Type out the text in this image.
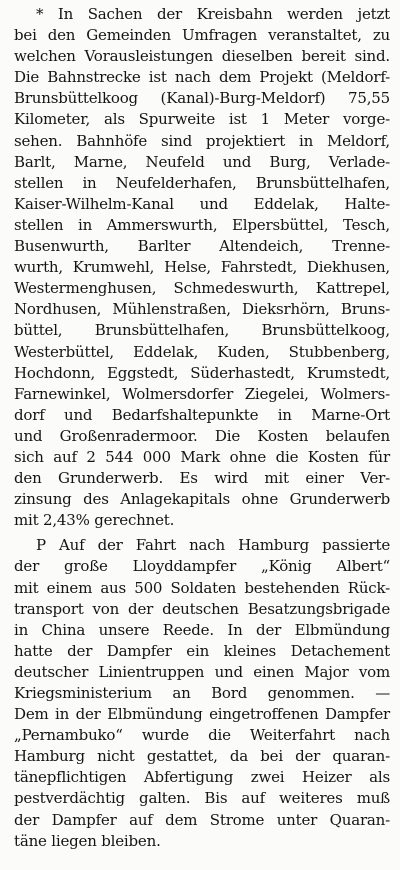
* In Sachen der Kreisbahn werden jetzt
bei den Gemeinden Umfragen veranstaltet, zu
welchen Vorausleistungen dieselben bereit sind.
Die Bahnstrecke ist nach dem Projekt (Meldorf-
Brunsbüttelkoog (Kanal)-Burg-Meldorf) 75,55
Kilometer, als Spurweite ist 1 Meter vorge-
sehen. Bahnhöfe sind projektiert in Meldorf,
Barlt, Marne, Neufeld und Burg, Verlade-
stellen in Neufelderhafen, Brunsbüttelhafen,
Kaiser-Wilhelm-Kanal und Eddelak, Halte-
stellen in Ammerswurth, Elpersbüttel, Tesch,
Busenwurth, Barlter Altendeich, Trenne-
wurth, Krumwehl, Helse, Fahrstedt, Diekhusen,
Westermenghusen, Schmedeswurth, Kattrepel,
Nordhusen, Mühlenstraßen, Dieksrhörn, Bruns-
büttel, Brunsbüttelhafen, Brunsbüttelkoog,
Westerbüttel, Eddelak, Kuden, Stubbenberg,
Hochdonn, Eggstedt, Süderhastedt, Krumstedt,
Farnewinkel, Wolmersdorfer Ziegelei, Wolmers-
dorf und Bedarfshaltepunkte in Marne-Ort
und Großenradermoor. Die Kosten belaufen
sich auf 2 544 000 Mark ohne die Kosten für
den Grunderwerb. Es wird mit einer Ver-
zinsung des Anlagekapitals ohne Grunderwerb
mit 2,43% gerechnet.
P Auf der Fahrt nach Hamburg passierte
der große Lloyddampfer „König Albert“
mit einem aus 500 Soldaten bestehenden Rück-
transport von der deutschen Besatzungsbrigade
in China unsere Reede. In der Elbmündung
hatte der Dampfer ein kleines Detachement
deutscher Linientruppen und einen Major vom
Kriegsministerium an Bord genommen. —
Dem in der Elbmündung eingetroffenen Dampfer
„Pernambuko“ wurde die Weiterfahrt nach
Hamburg nicht gestattet, da bei der quaran-
tänepflichtigen Abfertigung zwei Heizer als
pestverdächtig galten. Bis auf weiteres muß
der Dampfer auf dem Strome unter Quaran-
täne liegen bleiben.
